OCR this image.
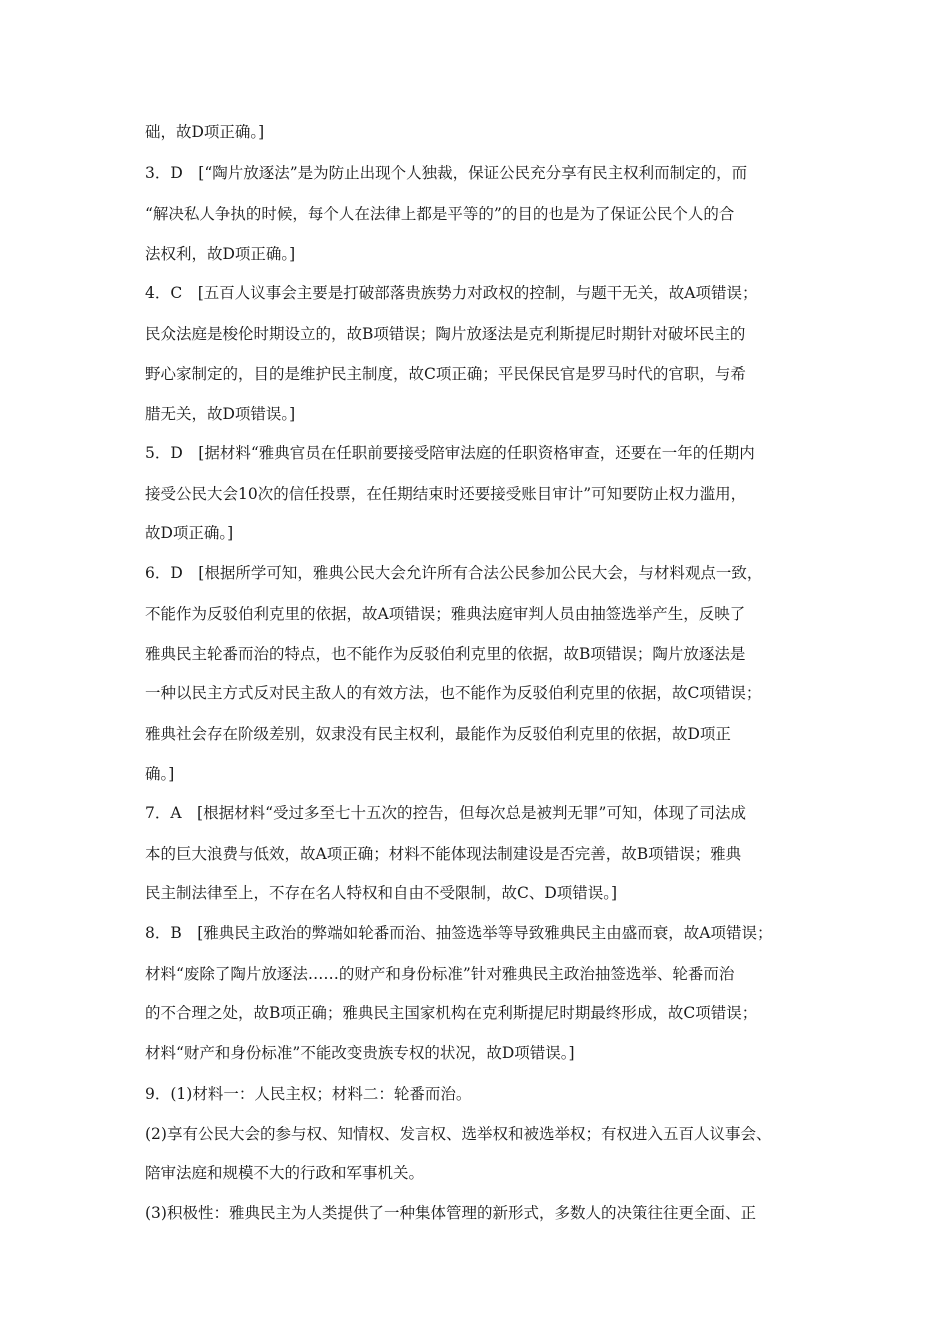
础，故D项正确。]
3．D　[“陶片放逐法”是为防止出现个人独裁，保证公民充分享有民主权利而制定的，而
“解决私人争执的时候，每个人在法律上都是平等的”的目的也是为了保证公民个人的合
法权利，故D项正确。]
4．C　[五百人议事会主要是打破部落贵族势力对政权的控制，与题干无关，故A项错误；
民众法庭是梭伦时期设立的，故B项错误；陶片放逐法是克利斯提尼时期针对破坏民主的
野心家制定的，目的是维护民主制度，故C项正确；平民保民官是罗马时代的官职，与希
腊无关，故D项错误。]
5．D　[据材料“雅典官员在任职前要接受陪审法庭的任职资格审查，还要在一年的任期内
接受公民大会10次的信任投票，在任期结束时还要接受账目审计”可知要防止权力滥用，
故D项正确。]
6．D　[根据所学可知，雅典公民大会允许所有合法公民参加公民大会，与材料观点一致，
不能作为反驳伯利克里的依据，故A项错误；雅典法庭审判人员由抽签选举产生，反映了
雅典民主轮番而治的特点，也不能作为反驳伯利克里的依据，故B项错误；陶片放逐法是
一种以民主方式反对民主敌人的有效方法，也不能作为反驳伯利克里的依据，故C项错误；
雅典社会存在阶级差别，奴隶没有民主权利，最能作为反驳伯利克里的依据，故D项正
确。]
7．A　[根据材料“受过多至七十五次的控告，但每次总是被判无罪”可知，体现了司法成
本的巨大浪费与低效，故A项正确；材料不能体现法制建设是否完善，故B项错误；雅典
民主制法律至上，不存在名人特权和自由不受限制，故C、D项错误。]
8．B　[雅典民主政治的弊端如轮番而治、抽签选举等导致雅典民主由盛而衰，故A项错误；
材料“废除了陶片放逐法……的财产和身份标准”针对雅典民主政治抽签选举、轮番而治
的不合理之处，故B项正确；雅典民主国家机构在克利斯提尼时期最终形成，故C项错误；
材料“财产和身份标准”不能改变贵族专权的状况，故D项错误。]
9．(1)材料一：人民主权；材料二：轮番而治。
(2)享有公民大会的参与权、知情权、发言权、选举权和被选举权；有权进入五百人议事会、
陪审法庭和规模不大的行政和军事机关。
(3)积极性：雅典民主为人类提供了一种集体管理的新形式，多数人的决策往往更全面、正
